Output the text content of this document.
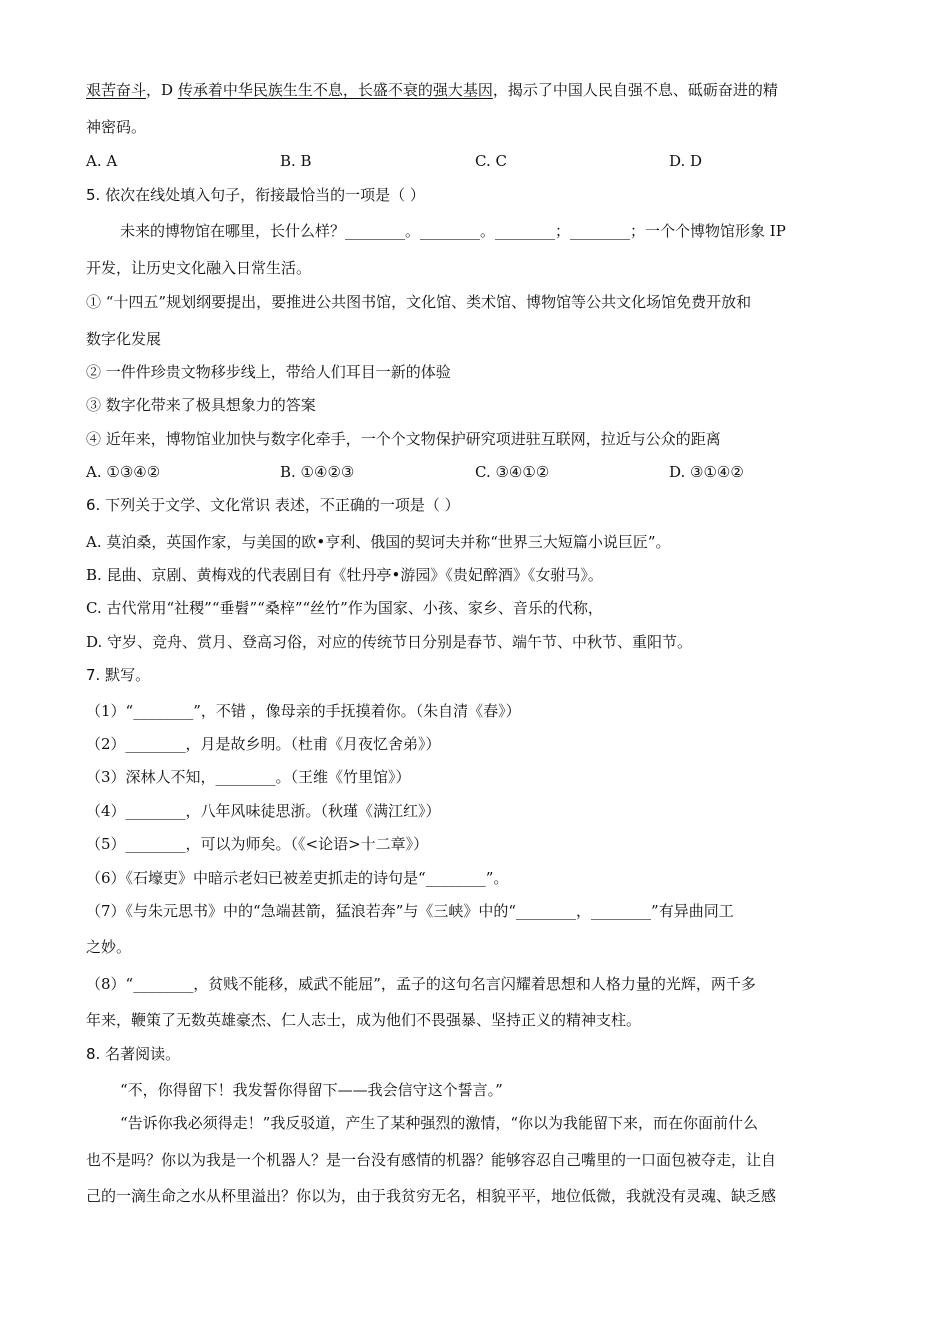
艰苦奋斗，D 传承着中华民族生生不息，长盛不衰的强大基因，揭示了中国人民自强不息、砥砺奋进的精
神密码。
A. A	B. B	C. C	D. D
5. 依次在线处填入句子，衔接最恰当的一项是（ ）
未来的博物馆在哪里，长什么样？________。________。________；________；一个个博物馆形象 IP
开发，让历史文化融入日常生活。
① “十四五”规划纲要提出，要推进公共图书馆，文化馆、类术馆、博物馆等公共文化场馆免费开放和
数字化发展
② 一件件珍贵文物移步线上，带给人们耳目一新的体验
③ 数字化带来了极具想象力的答案
④ 近年来，博物馆业加快与数字化牵手，一个个文物保护研究项进驻互联网，拉近与公众的距离
A. ①③④②	B. ①④②③	C. ③④①②	D. ③①④②
6. 下列关于文学、文化常识 表述，不正确的一项是（ ）
A. 莫泊桑，英国作家，与美国的欧•亨利、俄国的契诃夫并称“世界三大短篇小说巨匠”。
B. 昆曲、京剧、黄梅戏的代表剧目有《牡丹亭•游园》《贵妃醉酒》《女驸马》。
C. 古代常用“社稷”“垂髫”“桑梓”“丝竹”作为国家、小孩、家乡、音乐的代称，
D. 守岁、竞舟、赏月、登高习俗，对应的传统节日分别是春节、端午节、中秋节、重阳节。
7. 默写。
（1）“________”，不错 ，像母亲的手抚摸着你。（朱自清《春》）
（2）________，月是故乡明。（杜甫《月夜忆舍弟》）
（3）深林人不知，________。（王维《竹里馆》）
（4）________，八年风味徒思浙。（秋瑾《满江红》）
（5）________，可以为师矣。（《<论语>十二章》）
（6）《石壕吏》中暗示老妇已被差吏抓走的诗句是“________”。
（7）《与朱元思书》中的“急端甚箭，猛浪若奔”与《三峡》中的“________，________”有异曲同工
之妙。
（8）“________，贫贱不能移，威武不能屈”，孟子的这句名言闪耀着思想和人格力量的光辉，两千多
年来，鞭策了无数英雄豪杰、仁人志士，成为他们不畏强暴、坚持正义的精神支柱。
8. 名著阅读。
“不，你得留下！我发誓你得留下——我会信守这个誓言。”
“告诉你我必须得走！”我反驳道，产生了某种强烈的激情，“你以为我能留下来，而在你面前什么
也不是吗？你以为我是一个机器人？是一台没有感情的机器？能够容忍自己嘴里的一口面包被夺走，让自
己的一滴生命之水从杯里溢出？你以为，由于我贫穷无名，相貌平平，地位低微，我就没有灵魂、缺乏感
